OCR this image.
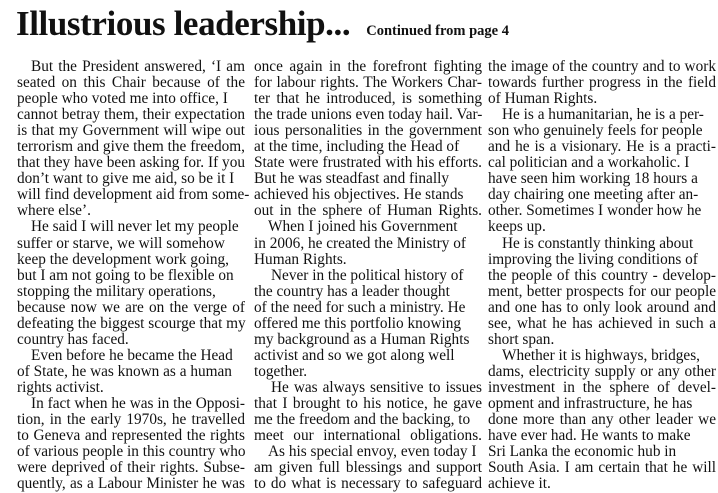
Illustrious leadership... Continued from page 4
But the President answered, ‘I am
seated on this Chair because of the
people who voted me into office, I
cannot betray them, their expectation
is that my Government will wipe out
terrorism and give them the freedom,
that they have been asking for. If you
don’t want to give me aid, so be it I
will find development aid from some-
where else’.
He said I will never let my people
suffer or starve, we will somehow
keep the development work going,
but I am not going to be flexible on
stopping the military operations,
because now we are on the verge of
defeating the biggest scourge that my
country has faced.
Even before he became the Head
of State, he was known as a human
rights activist.
In fact when he was in the Opposi-
tion, in the early 1970s, he travelled
to Geneva and represented the rights
of various people in this country who
were deprived of their rights. Subse-
quently, as a Labour Minister he was
once again in the forefront fighting
for labour rights. The Workers Char-
ter that he introduced, is something
the trade unions even today hail. Var-
ious personalities in the government
at the time, including the Head of
State were frustrated with his efforts.
But he was steadfast and finally
achieved his objectives. He stands
out in the sphere of Human Rights.
When I joined his Government
in 2006, he created the Ministry of
Human Rights.
Never in the political history of
the country has a leader thought
of the need for such a ministry. He
offered me this portfolio knowing
my background as a Human Rights
activist and so we got along well
together.
He was always sensitive to issues
that I brought to his notice, he gave
me the freedom and the backing, to
meet our international obligations.
As his special envoy, even today I
am given full blessings and support
to do what is necessary to safeguard
the image of the country and to work
towards further progress in the field
of Human Rights.
He is a humanitarian, he is a per-
son who genuinely feels for people
and he is a visionary. He is a practi-
cal politician and a workaholic. I
have seen him working 18 hours a
day chairing one meeting after an-
other. Sometimes I wonder how he
keeps up.
He is constantly thinking about
improving the living conditions of
the people of this country - develop-
ment, better prospects for our people
and one has to only look around and
see, what he has achieved in such a
short span.
Whether it is highways, bridges,
dams, electricity supply or any other
investment in the sphere of devel-
opment and infrastructure, he has
done more than any other leader we
have ever had. He wants to make
Sri Lanka the economic hub in
South Asia. I am certain that he will
achieve it.
